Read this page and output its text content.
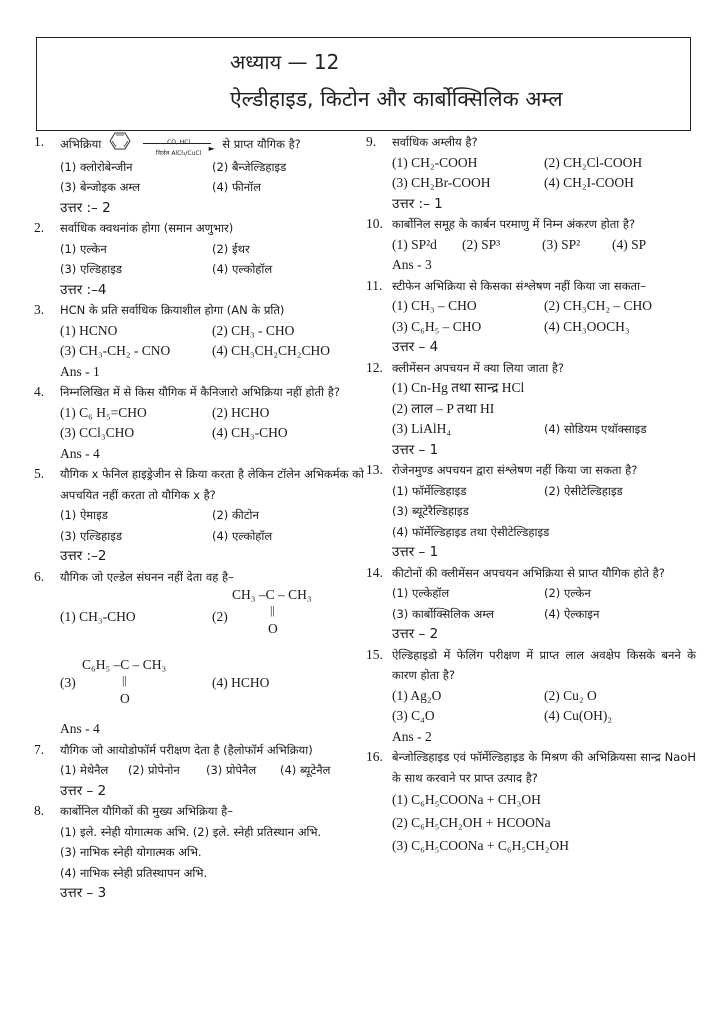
अध्याय — 12
ऐल्डीहाइड, किटोन और कार्बोक्सिलिक अम्ल
1.	अभिक्रिया	CO, HCl
►
निर्जल AlCl₃/CuCl
से प्राप्त यौगिक है?
(1) क्लोरोबेन्जीन	(2) बैन्जेल्डिहाइड
(3) बेन्जोइक अम्ल	(4) फीनॉल
उत्तर :– 2
2.	सर्वाधिक क्वथनांक होगा (समान अणुभार)
(1) एल्केन	(2) ईथर
(3) एल्डिहाइड	(4) एल्कोहॉल
उत्तर :–4
3.	HCN के प्रति सर्वाधिक क्रियाशील होगा (AN के प्रति)
(1) HCNO	(2) CH₃ - CHO
(3) CH₃-CH₂ - CNO	(4) CH₃CH₂CH₂CHO
Ans - 1
4.	निम्नलिखित में से किस यौगिक में कैनिजारो अभिक्रिया नहीं होती है?
(1) C₆ H₅=CHO	(2) HCHO
(3) CCl₃CHO	(4) CH₃-CHO
Ans - 4
5.	यौगिक x फेनिल हाइड्रेजीन से क्रिया करता है लेकिन टॉलेन अभिकर्मक को अपचयित नहीं करता तो यौगिक x है?
(1) ऐमाइड	(2) कीटोन
(3) एल्डिहाइड	(4) एल्कोहॉल
उत्तर :–2
6.	यौगिक जो एल्डेल संघनन नहीं देता वह है–
(1) CH₃-CHO	(2)
CH₃ –C – CH₃
||
O
C₆H₅ –C – CH₃
||
O
(3)	(4) HCHO
Ans - 4
7.	यौगिक जो आयोडोफॉर्म परीक्षण देता है (हैलोफॉर्म अभिक्रिया)
(1) मेथेनैल	(2) प्रोपेनोन	(3) प्रोपेनैल	(4) ब्यूटेनैल
उत्तर – 2
8.	कार्बोनिल यौगिकों की मुख्य अभिक्रिया है–
(1) इले. स्नेही योगात्मक अभि. (2) इले. स्नेही प्रतिस्थान अभि.
(3) नाभिक स्नेही योगात्मक अभि.
(4) नाभिक स्नेही प्रतिस्थापन अभि.
उत्तर – 3
9.	सर्वाधिक अम्लीय है?
(1) CH₂-COOH	(2) CH₂Cl-COOH
(3) CH₂Br-COOH	(4) CH₂I-COOH
उत्तर :– 1
10. कार्बोनिल समूह के कार्बन परमाणु में निम्न अंकरण होता है?
(1) SP²d	(2) SP³	(3) SP²	(4) SP
Ans - 3
11. स्टीफेन अभिक्रिया से किसका संश्लेषण नहीं किया जा सकता–
(1) CH₃ – CHO	(2) CH₃CH₂ – CHO
(3) C₆H₅ – CHO	(4) CH₃OOCH₃
उत्तर – 4
12. क्लीमेंसन अपचयन में क्या लिया जाता है?
(1) Cn-Hg तथा सान्द्र HCl
(2) लाल – P तथा HI
(3) LiAlH₄	(4) सोडियम एथॉक्साइड
उत्तर – 1
13. रोजेनमुण्ड अपचयन द्वारा संश्लेषण नहीं किया जा सकता है?
(1) फॉर्मेल्डिहाइड	(2) ऐसीटेल्डिहाइड
(3) ब्यूटेरैल्डिहाइड
(4) फॉर्मेल्डिहाइड तथा ऐसीटेल्डिहाइड
उत्तर – 1
14. कीटोनों की क्लीमेंसन अपचयन अभिक्रिया से प्राप्त यौगिक होते है?
(1) एल्केहॉल	(2) एल्केन
(3) कार्बोक्सिलिक अम्ल	(4) ऐल्काइन
उत्तर – 2
15. ऐल्डिहाइडो में फेलिंग परीक्षण में प्राप्त लाल अवक्षेप किसके बनने के कारण होता है?
(1) Ag₂O	(2) Cu₂ O
(3) C₄O	(4) Cu(OH)₂
Ans - 2
16. बेन्जोल्डिहाइड एवं फॉर्मेल्डिहाइड के मिश्रण की अभिक्रियसा सान्द्र NaoH के साथ करवाने पर प्राप्त उत्पाद है?
(1) C₆H₅COONa + CH₃OH
(2) C₆H₅CH₂OH + HCOONa
(3) C₆H₅COONa + C₆H₅CH₂OH
